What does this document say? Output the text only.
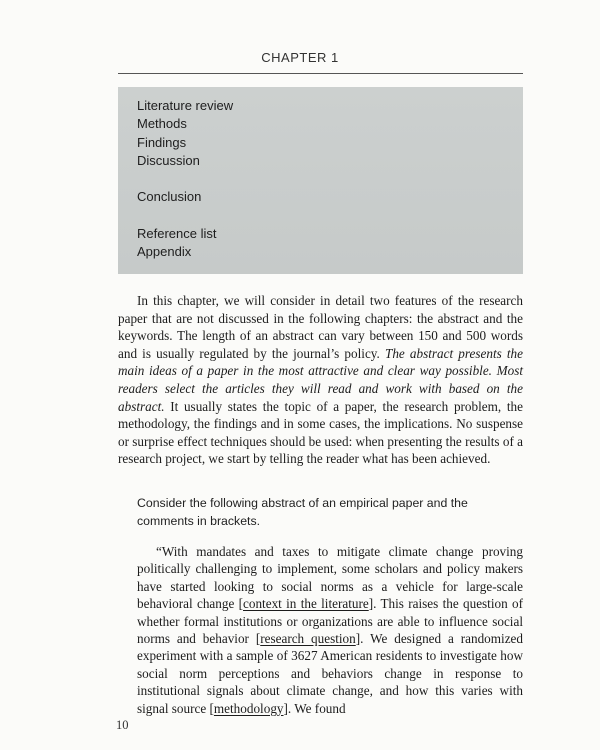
CHAPTER 1
Literature review
Methods
Findings
Discussion
Conclusion
Reference list
Appendix

In this chapter, we will consider in detail two features of the research paper that are not discussed in the following chapters: the abstract and the keywords. The length of an abstract can vary between 150 and 500 words and is usually regulated by the journal’s policy. The abstract presents the main ideas of a paper in the most attractive and clear way possible. Most readers select the articles they will read and work with based on the abstract. It usually states the topic of a paper, the research problem, the methodology, the findings and in some cases, the implications. No suspense or surprise effect techniques should be used: when presenting the results of a research project, we start by telling the reader what has been achieved.

Consider the following abstract of an empirical paper and the comments in brackets.

“With mandates and taxes to mitigate climate change proving politically challenging to implement, some scholars and policy makers have started looking to social norms as a vehicle for large-scale behavioral change [context in the literature]. This raises the question of whether formal institutions or organizations are able to influence social norms and behavior [research question]. We designed a randomized experiment with a sample of 3627 American residents to investigate how social norm perceptions and behaviors change in response to institutional signals about climate change, and how this varies with signal source [methodology]. We found

10
